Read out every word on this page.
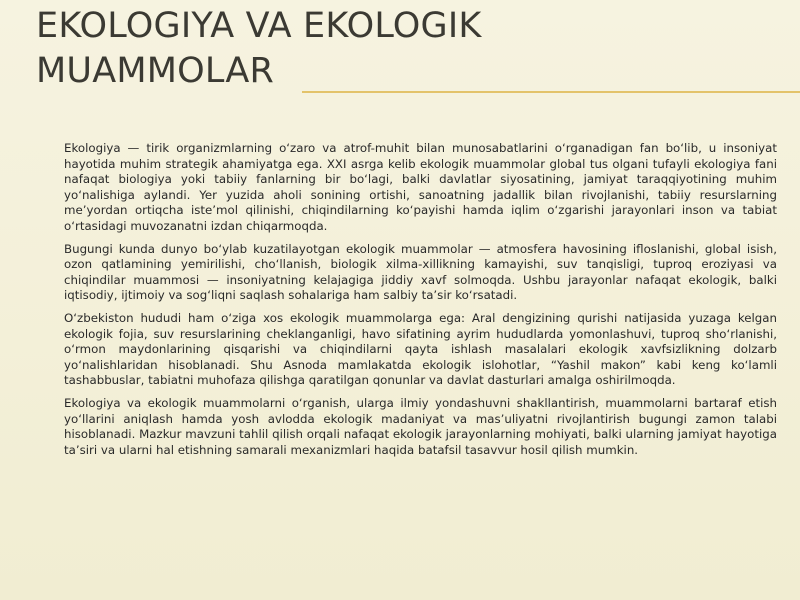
EKOLOGIYA VA EKOLOGIK MUAMMOLAR

Ekologiya — tirik organizmlarning o‘zaro va atrof-muhit bilan munosabatlarini o‘rganadigan fan bo‘lib, u insoniyat hayotida muhim strategik ahamiyatga ega. XXI asrga kelib ekologik muammolar global tus olgani tufayli ekologiya fani nafaqat biologiya yoki tabiiy fanlarning bir bo‘lagi, balki davlatlar siyosatining, jamiyat taraqqiyotining muhim yo‘nalishiga aylandi. Yer yuzida aholi sonining ortishi, sanoatning jadallik bilan rivojlanishi, tabiiy resurslarning me’yordan ortiqcha iste’mol qilinishi, chiqindilarning ko‘payishi hamda iqlim o‘zgarishi jarayonlari inson va tabiat o‘rtasidagi muvozanatni izdan chiqarmoqda.

Bugungi kunda dunyo bo‘ylab kuzatilayotgan ekologik muammolar — atmosfera havosining ifloslanishi, global isish, ozon qatlamining yemirilishi, cho‘llanish, biologik xilma-xillikning kamayishi, suv tanqisligi, tuproq eroziyasi va chiqindilar muammosi — insoniyatning kelajagiga jiddiy xavf solmoqda. Ushbu jarayonlar nafaqat ekologik, balki iqtisodiy, ijtimoiy va sog‘liqni saqlash sohalariga ham salbiy ta’sir ko‘rsatadi.

O‘zbekiston hududi ham o‘ziga xos ekologik muammolarga ega: Aral dengizining qurishi natijasida yuzaga kelgan ekologik fojia, suv resurslarining cheklanganligi, havo sifatining ayrim hududlarda yomonlashuvi, tuproq sho‘rlanishi, o‘rmon maydonlarining qisqarishi va chiqindilarni qayta ishlash masalalari ekologik xavfsizlikning dolzarb yo‘nalishlaridan hisoblanadi. Shu Asnoda mamlakatda ekologik islohotlar, “Yashil makon” kabi keng ko‘lamli tashabbuslar, tabiatni muhofaza qilishga qaratilgan qonunlar va davlat dasturlari amalga oshirilmoqda.

Ekologiya va ekologik muammolarni o‘rganish, ularga ilmiy yondashuvni shakllantirish, muammolarni bartaraf etish yo‘llarini aniqlash hamda yosh avlodda ekologik madaniyat va mas’uliyatni rivojlantirish bugungi zamon talabi hisoblanadi. Mazkur mavzuni tahlil qilish orqali nafaqat ekologik jarayonlarning mohiyati, balki ularning jamiyat hayotiga ta’siri va ularni hal etishning samarali mexanizmlari haqida batafsil tasavvur hosil qilish mumkin.
